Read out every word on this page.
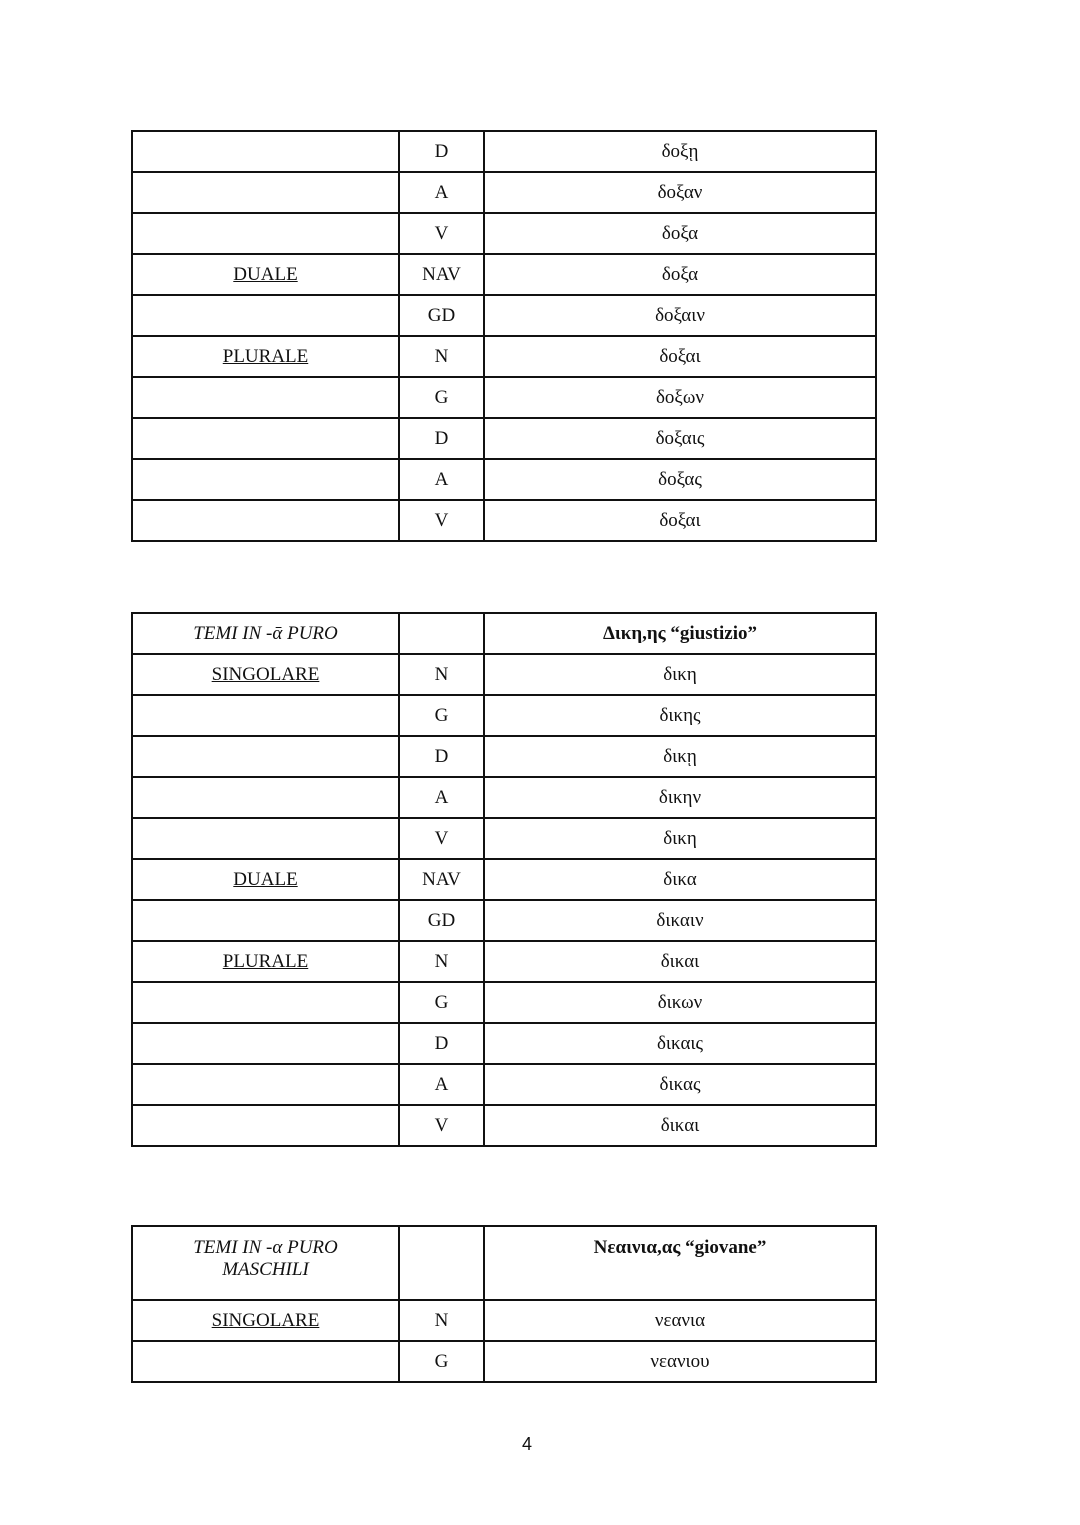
	D	δοξῃ
	A	δοξαν
	V	δοξα
DUALE	NAV	δοξα
	GD	δοξαιν
PLURALE	N	δοξαι
	G	δοξων
	D	δοξαις
	A	δοξας
	V	δοξαι
TEMI IN -ᾱ PURO		Δικη,ης “giustizio”
SINGOLARE	N	δικη
	G	δικης
	D	δικῃ
	A	δικην
	V	δικη
DUALE	NAV	δικα
	GD	δικαιν
PLURALE	N	δικαι
	G	δικων
	D	δικαις
	A	δικας
	V	δικαι
TEMI IN -α PURO
MASCHILI		Νεαινια,ας “giovane”
SINGOLARE	N	νεανια
	G	νεανιου
4
